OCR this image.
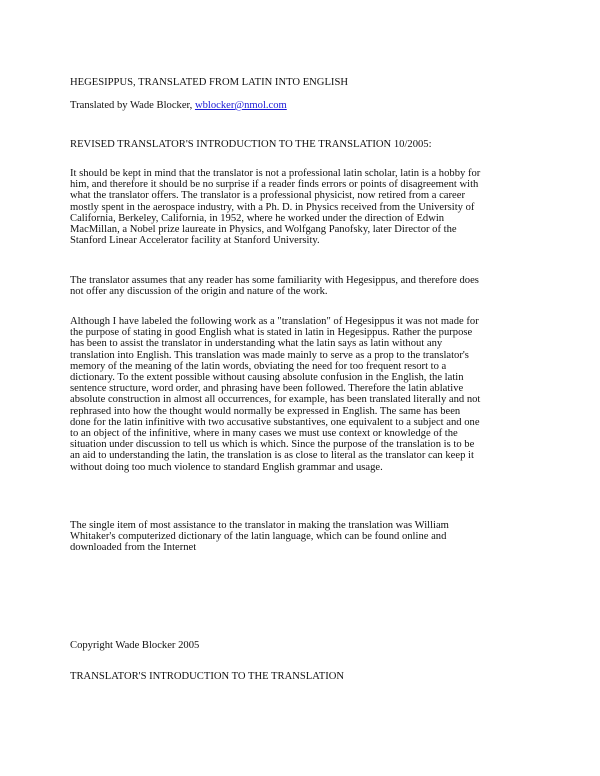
HEGESIPPUS, TRANSLATED FROM LATIN INTO ENGLISH

Translated by Wade Blocker, wblocker@nmol.com

REVISED TRANSLATOR'S INTRODUCTION TO THE TRANSLATION 10/2005:

It should be kept in mind that the translator is not a professional latin scholar, latin is a hobby for
him, and therefore it should be no surprise if a reader finds errors or points of disagreement with
what the translator offers. The translator is a professional physicist, now retired from a career
mostly spent in the aerospace industry, with a Ph. D. in Physics received from the University of
California, Berkeley, California, in 1952, where he worked under the direction of Edwin
MacMillan, a Nobel prize laureate in Physics, and Wolfgang Panofsky, later Director of the
Stanford Linear Accelerator facility at Stanford University.
The translator assumes that any reader has some familiarity with Hegesippus, and therefore does
not offer any discussion of the origin and nature of the work.
Although I have labeled the following work as a "translation" of Hegesippus it was not made for
the purpose of stating in good English what is stated in latin in Hegesippus. Rather the purpose
has been to assist the translator in understanding what the latin says as latin without any
translation into English. This translation was made mainly to serve as a prop to the translator's
memory of the meaning of the latin words, obviating the need for too frequent resort to a
dictionary. To the extent possible without causing absolute confusion in the English, the latin
sentence structure, word order, and phrasing have been followed. Therefore the latin ablative
absolute construction in almost all occurrences, for example, has been translated literally and not
rephrased into how the thought would normally be expressed in English. The same has been
done for the latin infinitive with two accusative substantives, one equivalent to a subject and one
to an object of the infinitive, where in many cases we must use context or knowledge of the
situation under discussion to tell us which is which. Since the purpose of the translation is to be
an aid to understanding the latin, the translation is as close to literal as the translator can keep it
without doing too much violence to standard English grammar and usage.
The single item of most assistance to the translator in making the translation was William
Whitaker's computerized dictionary of the latin language, which can be found online and
downloaded from the Internet

Copyright Wade Blocker 2005

TRANSLATOR'S INTRODUCTION TO THE TRANSLATION
